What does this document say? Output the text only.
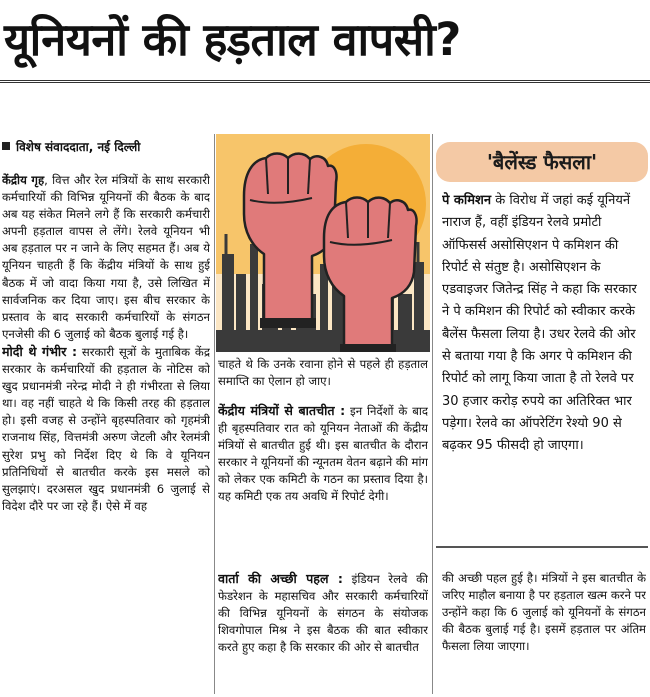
यूनियनों की हड़ताल वापसी?
विशेष संवाददाता, नई दिल्ली

केंद्रीय गृह, वित्त और रेल मंत्रियों के साथ सरकारी कर्मचारियों की विभिन्न यूनियनों की बैठक के बाद अब यह संकेत मिलने लगे हैं कि सरकारी कर्मचारी अपनी हड़ताल वापस ले लेंगे। रेलवे यूनियन भी अब हड़ताल पर न जाने के लिए सहमत हैं। अब ये यूनियन चाहती हैं कि केंद्रीय मंत्रियों के साथ हुई बैठक में जो वादा किया गया है, उसे लिखित में सार्वजनिक कर दिया जाए। इस बीच सरकार के प्रस्ताव के बाद सरकारी कर्मचारियों के संगठन एनजेसी की 6 जुलाई को बैठक बुलाई गई है।

मोदी थे गंभीर : सरकारी सूत्रों के मुताबिक केंद्र सरकार के कर्मचारियों की हड़ताल के नोटिस को खुद प्रधानमंत्री नरेन्द्र मोदी ने ही गंभीरता से लिया था। वह नहीं चाहते थे कि किसी तरह की हड़ताल हो। इसी वजह से उन्होंने बृहस्पतिवार को गृहमंत्री राजनाथ सिंह, वित्तमंत्री अरुण जेटली और रेलमंत्री सुरेश प्रभु को निर्देश दिए थे कि वे यूनियन प्रतिनिधियों से बातचीत करके इस मसले को सुलझाएं। दरअसल खुद प्रधानमंत्री 6 जुलाई से विदेश दौरे पर जा रहे हैं। ऐसे में वह

चाहते थे कि उनके रवाना होने से पहले ही हड़ताल समाप्ति का ऐलान हो जाए।

केंद्रीय मंत्रियों से बातचीत : इन निर्देशों के बाद ही बृहस्पतिवार रात को यूनियन नेताओं की केंद्रीय मंत्रियों से बातचीत हुई थी। इस बातचीत के दौरान सरकार ने यूनियनों की न्यूनतम वेतन बढ़ाने की मांग को लेकर एक कमिटी के गठन का प्रस्ताव दिया है। यह कमिटी एक तय अवधि में रिपोर्ट देगी।

वार्ता की अच्छी पहल : इंडियन रेलवे की फेडरेशन के महासचिव और सरकारी कर्मचारियों की विभिन्न यूनियनों के संगठन के संयोजक शिवगोपाल मिश्र ने इस बैठक की बात स्वीकार करते हुए कहा है कि सरकार की ओर से बातचीत

'बैलेंस्ड फैसला'

पे कमिशन के विरोध में जहां कई यूनियनें नाराज हैं, वहीं इंडियन रेलवे प्रमोटी ऑफिसर्स असोसिएशन पे कमिशन की रिपोर्ट से संतुष्ट है। असोसिएशन के एडवाइजर जितेन्द्र सिंह ने कहा कि सरकार ने पे कमिशन की रिपोर्ट को स्वीकार करके बैलेंस फैसला लिया है। उधर रेलवे की ओर से बताया गया है कि अगर पे कमिशन की रिपोर्ट को लागू किया जाता है तो रेलवे पर 30 हजार करोड़ रुपये का अतिरिक्त भार पड़ेगा। रेलवे का ऑपरेटिंग रेश्यो 90 से बढ़कर 95 फीसदी हो जाएगा।

की अच्छी पहल हुई है। मंत्रियों ने इस बातचीत के जरिए माहौल बनाया है पर हड़ताल खत्म करने पर उन्होंने कहा कि 6 जुलाई को यूनियनों के संगठन की बैठक बुलाई गई है। इसमें हड़ताल पर अंतिम फैसला लिया जाएगा।
